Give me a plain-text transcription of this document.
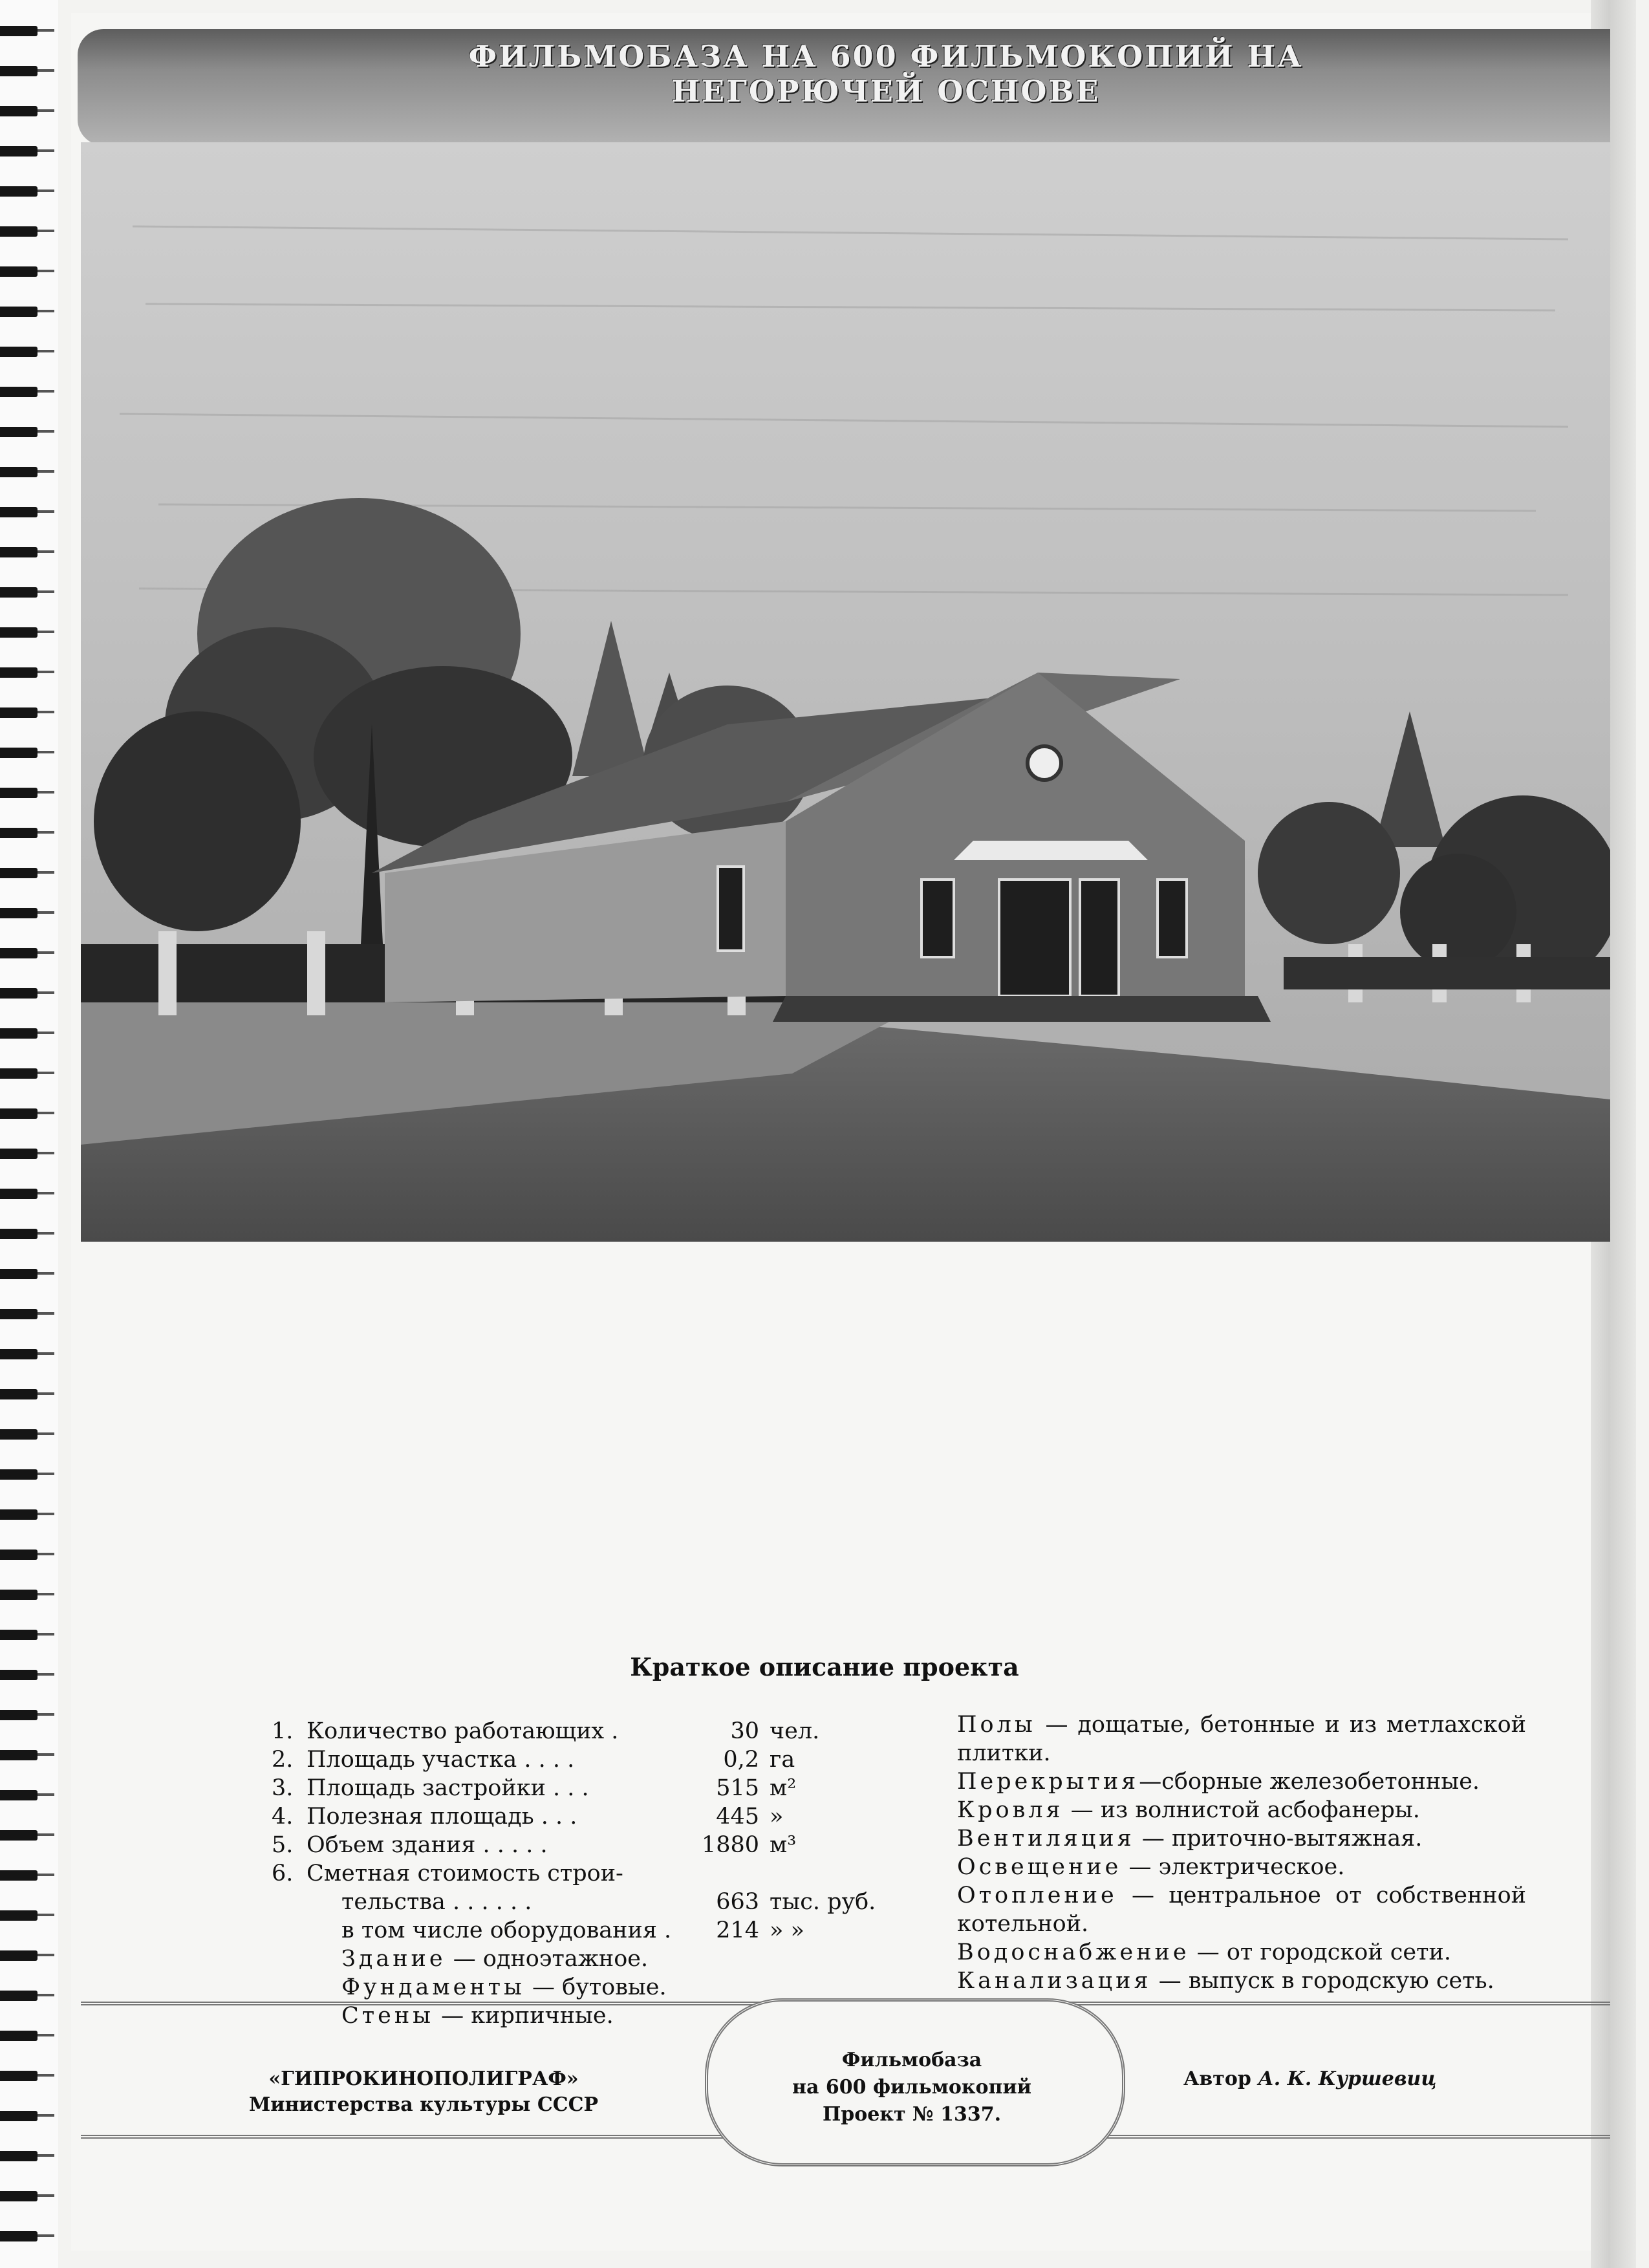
ФИЛЬМОБАЗА НА 600 ФИЛЬМОКОПИЙ НА НЕГОРЮЧЕЙ ОСНОВЕ
Краткое описание проекта
1. Количество работающих .	30 чел.
2. Площадь участка . . . .	0,2 га
3. Площадь застройки . . .	515 м²
4. Полезная площадь . . .	445 »
5. Объем здания . . . . .	1880 м³
6. Сметная стоимость строи-
тельства . . . . . .	663 тыс. руб.
в том числе оборудования .	214 » »
Здание — одноэтажное.
Фундаменты — бутовые.
Стены — кирпичные.

Полы — дощатые, бетонные и из метлахской плитки.

Перекрытия—сборные железобетонные.

Кровля — из волнистой асбофанеры.

Вентиляция — приточно-вытяжная.

Освещение — электрическое.

Отопление — центральное от собственной котельной.

Водоснабжение — от городской сети.

Канализация — выпуск в городскую сеть.

«ГИПРОКИНОПОЛИГРАФ»
Министерства культуры СССР
Фильмобаза
на 600 фильмокопий
Проект № 1337.
Автор А. К. Куршевиц
